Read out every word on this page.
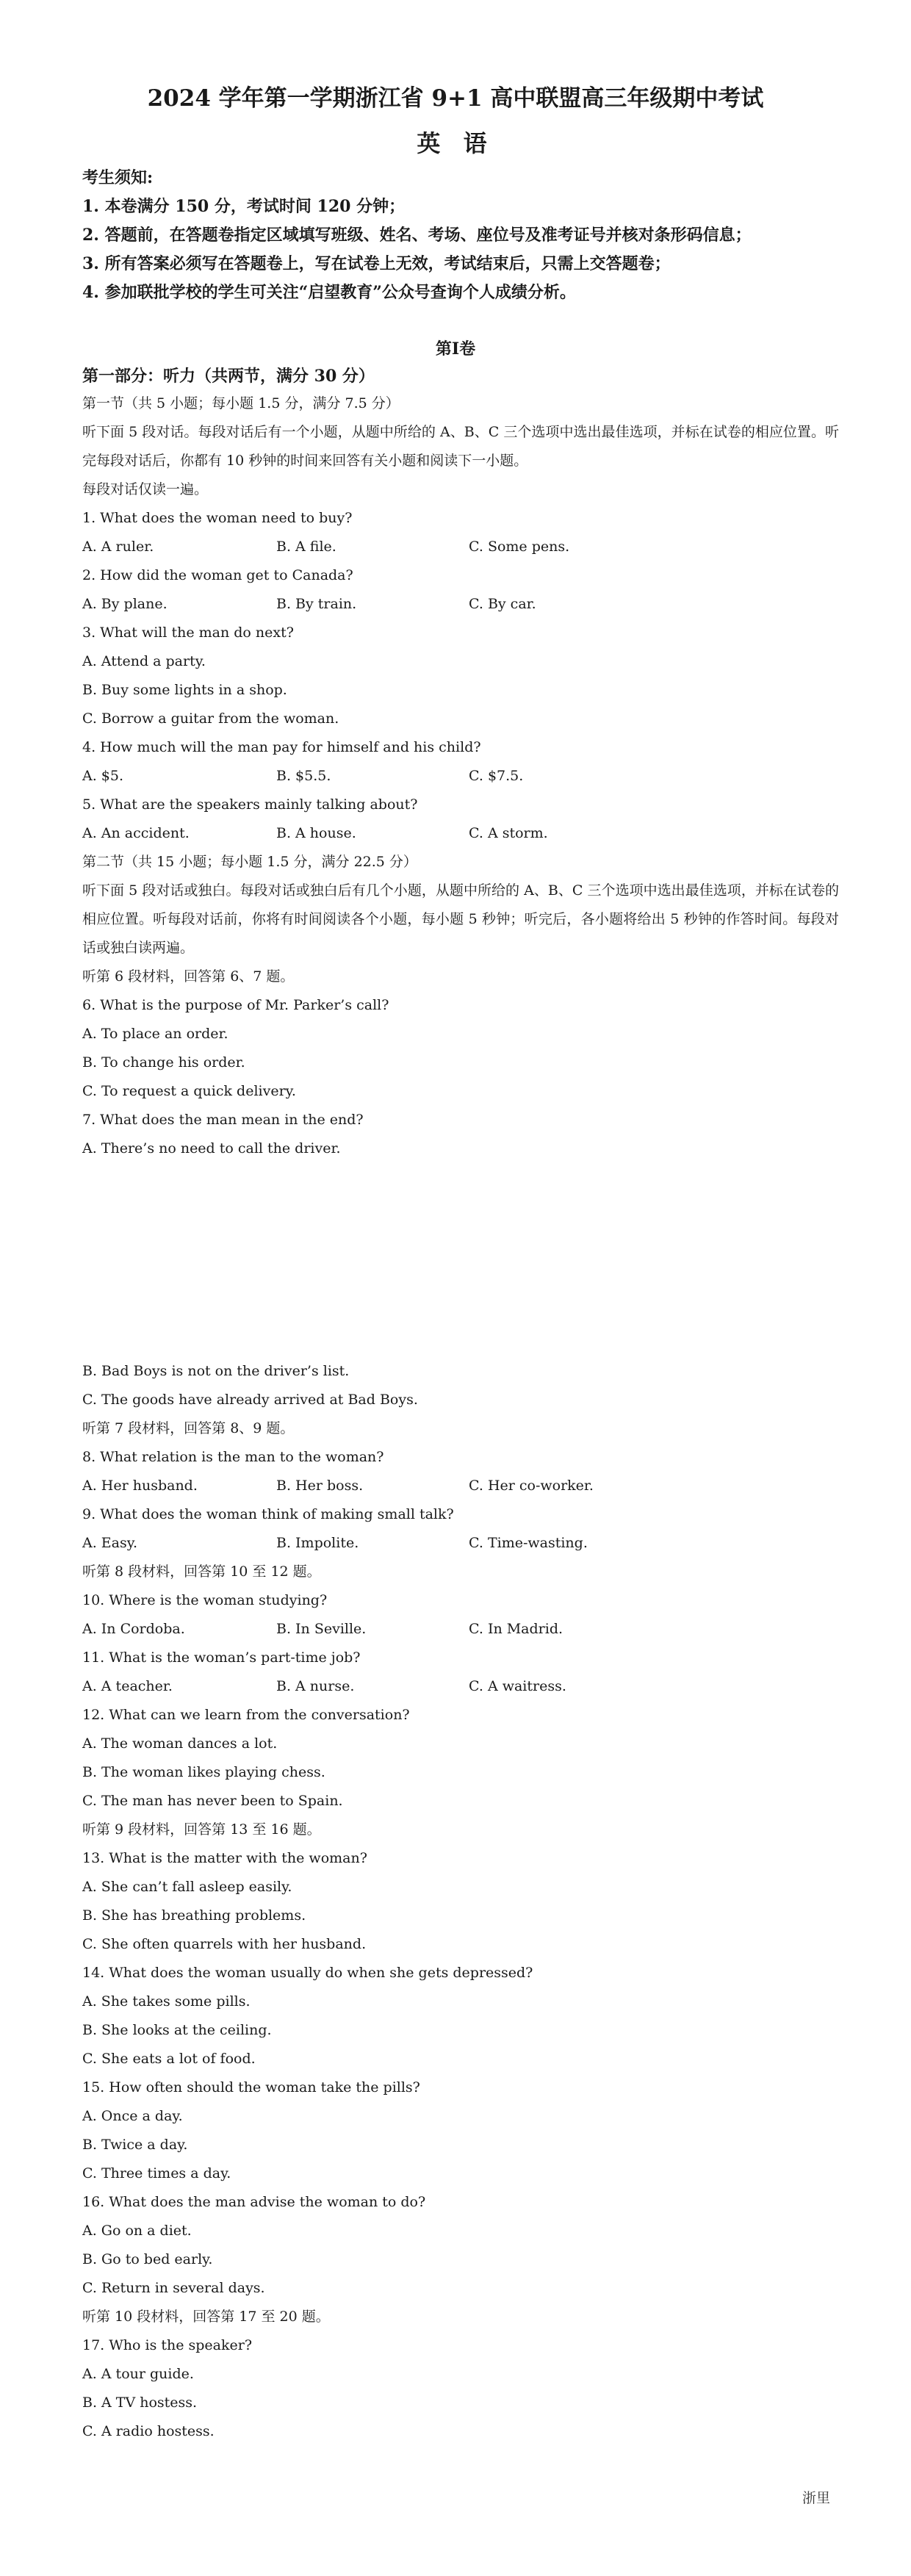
2024 学年第一学期浙江省 9+1 高中联盟高三年级期中考试
英 语
考生须知:
1. 本卷满分 150 分，考试时间 120 分钟；
2. 答题前，在答题卷指定区域填写班级、姓名、考场、座位号及准考证号并核对条形码信息；
3. 所有答案必须写在答题卷上，写在试卷上无效，考试结束后，只需上交答题卷；
4. 参加联批学校的学生可关注“启望教育”公众号查询个人成绩分析。
第Ⅰ卷
第一部分：听力（共两节，满分 30 分）
第一节（共 5 小题；每小题 1.5 分，满分 7.5 分）
听下面 5 段对话。每段对话后有一个小题，从题中所给的 A、B、C 三个选项中选出最佳选项，并标在试卷的相应位置。听完每段对话后，你都有 10 秒钟的时间来回答有关小题和阅读下一小题。
每段对话仅读一遍。
1. What does the woman need to buy?
A. A ruler.	B. A file.	C. Some pens.
2. How did the woman get to Canada?
A. By plane.	B. By train.	C. By car.
3. What will the man do next?
A. Attend a party.
B. Buy some lights in a shop.
C. Borrow a guitar from the woman.
4. How much will the man pay for himself and his child?
A. $5.	B. $5.5.	C. $7.5.
5. What are the speakers mainly talking about?
A. An accident.	B. A house.	C. A storm.
第二节（共 15 小题；每小题 1.5 分，满分 22.5 分）
听下面 5 段对话或独白。每段对话或独白后有几个小题，从题中所给的 A、B、C 三个选项中选出最佳选项，并标在试卷的相应位置。听每段对话前，你将有时间阅读各个小题，每小题 5 秒钟；听完后，各小题将给出 5 秒钟的作答时间。每段对话或独白读两遍。
听第 6 段材料，回答第 6、7 题。
6. What is the purpose of Mr. Parker’s call?
A. To place an order.
B. To change his order.
C. To request a quick delivery.
7. What does the man mean in the end?
A. There’s no need to call the driver.
B. Bad Boys is not on the driver’s list.
C. The goods have already arrived at Bad Boys.
听第 7 段材料，回答第 8、9 题。
8. What relation is the man to the woman?
A. Her husband.	B. Her boss.	C. Her co-worker.
9. What does the woman think of making small talk?
A. Easy.	B. Impolite.	C. Time-wasting.
听第 8 段材料，回答第 10 至 12 题。
10. Where is the woman studying?
A. In Cordoba.	B. In Seville.	C. In Madrid.
11. What is the woman’s part-time job?
A. A teacher.	B. A nurse.	C. A waitress.
12. What can we learn from the conversation?
A. The woman dances a lot.
B. The woman likes playing chess.
C. The man has never been to Spain.
听第 9 段材料，回答第 13 至 16 题。
13. What is the matter with the woman?
A. She can’t fall asleep easily.
B. She has breathing problems.
C. She often quarrels with her husband.
14. What does the woman usually do when she gets depressed?
A. She takes some pills.
B. She looks at the ceiling.
C. She eats a lot of food.
15. How often should the woman take the pills?
A. Once a day.
B. Twice a day.
C. Three times a day.
16. What does the man advise the woman to do?
A. Go on a diet.
B. Go to bed early.
C. Return in several days.
听第 10 段材料，回答第 17 至 20 题。
17. Who is the speaker?
A. A tour guide.
B. A TV hostess.
C. A radio hostess.
浙里
